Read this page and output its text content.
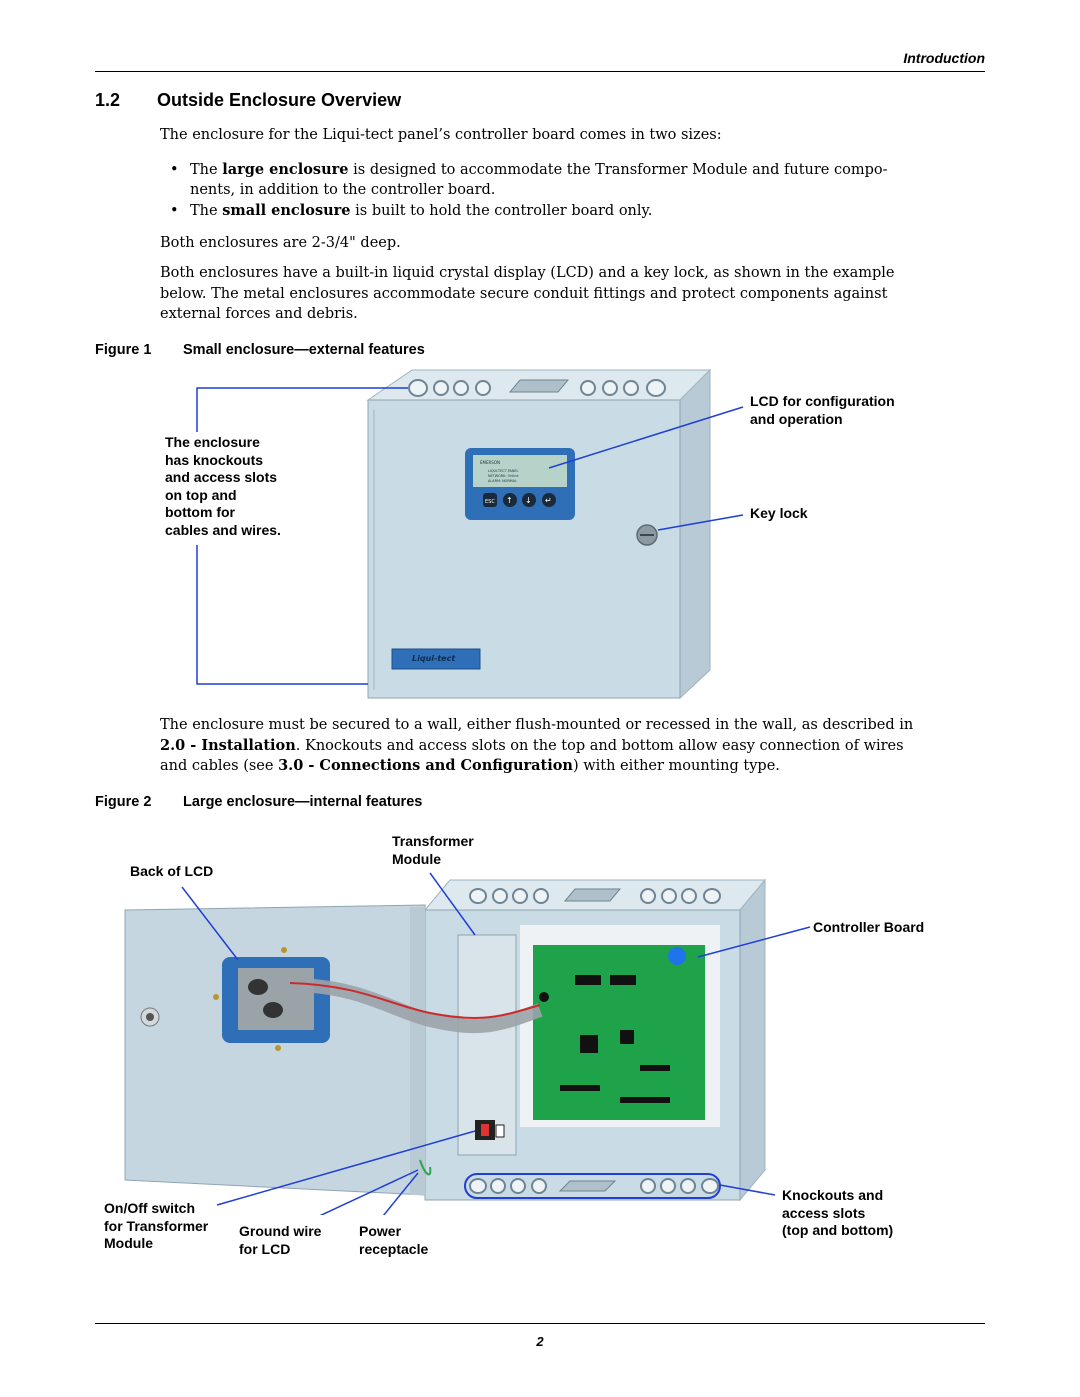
Introduction
1.2 Outside Enclosure Overview
The enclosure for the Liqui-tect panel’s controller board comes in two sizes:
• The large enclosure is designed to accommodate the Transformer Module and future compo-
nents, in addition to the controller board.
• The small enclosure is built to hold the controller board only.
Both enclosures are 2-3/4" deep.
Both enclosures have a built-in liquid crystal display (LCD) and a key lock, as shown in the example
below. The metal enclosures accommodate secure conduit fittings and protect components against
external forces and debris.
Figure 1 Small enclosure—external features
EMERSON
LIQUI-TECT PANEL
NETWORK: Online
ALARM: NORMAL
ESC ↑ ↓ ↵
Liqui-tect
The enclosure
has knockouts
and access slots
on top and
bottom for
cables and wires.
LCD for configuration
and operation
Key lock
The enclosure must be secured to a wall, either flush-mounted or recessed in the wall, as described in
2.0 - Installation. Knockouts and access slots on the top and bottom allow easy connection of wires
and cables (see 3.0 - Connections and Configuration) with either mounting type.
Figure 2 Large enclosure—internal features
Back of LCD
Transformer
Module
Controller Board
On/Off switch
for Transformer
Module
Ground wire
for LCD
Power
receptacle
Knockouts and
access slots
(top and bottom)
2
